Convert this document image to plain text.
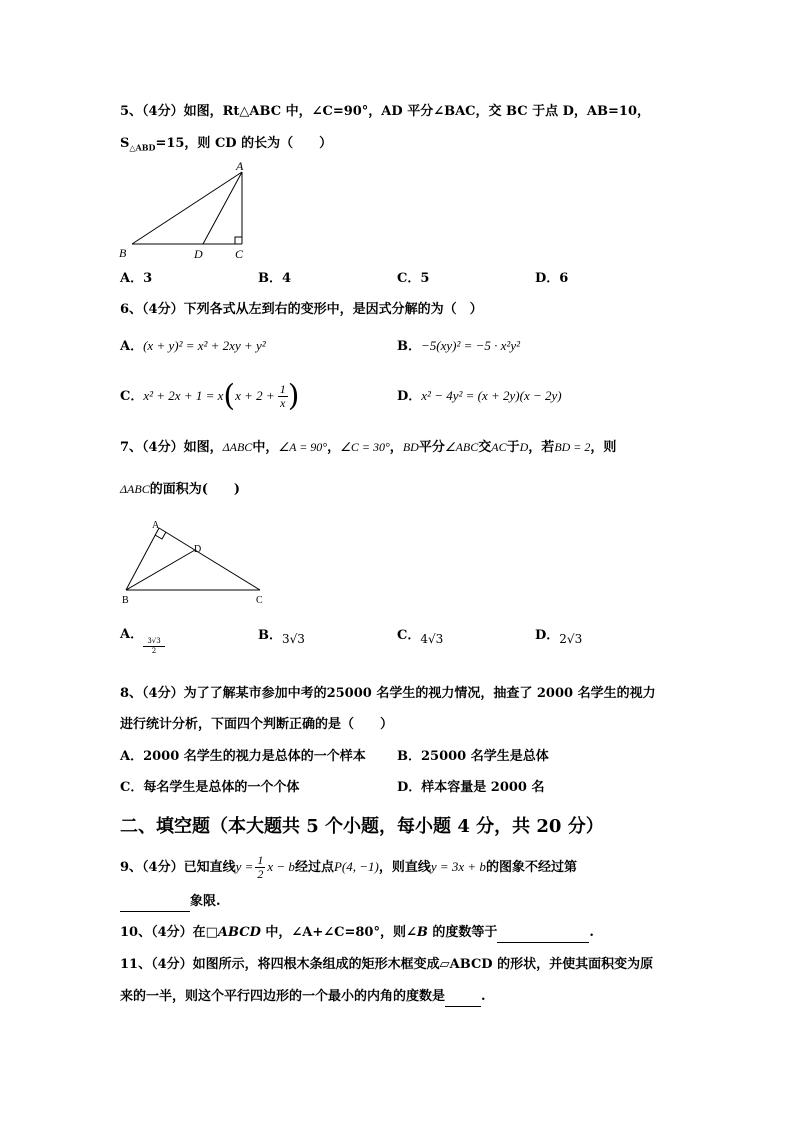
5、（4分）如图，Rt△ABC 中，∠C=90°，AD 平分∠BAC，交 BC 于点 D，AB=10，
$S_{\triangle ABD}=15$，则 CD 的长为（　　）
A
B	D	C
A．3	B．4	C．5	D．6
6、（4分）下列各式从左到右的变形中，是因式分解的为（　）
A．(x + y)² = x² + 2xy + y²	B．−5(xy)² = −5 · x²y²
C．$x^2 + 2x + 1 = x(x + 2 + \frac{1}{x}$ )	D．x² − 4y² = (x + 2y)(x − 2y)
7、（4分）如图，ΔABC中，∠A = 90°，∠C = 30°，BD平分∠ABC交AC于D，若BD = 2，则
ΔABC的面积为(　　)
A
D
B	C
A．
$\frac{3√3}{2}$
B．3√3	C．4√3	D．2√3
8、（4分）为了了解某市参加中考的25000 名学生的视力情况，抽查了 2000 名学生的视力
进行统计分析，下面四个判断正确的是（　　）
A．2000 名学生的视力是总体的一个样本 B．25000 名学生是总体
C．每名学生是总体的一个个体	D．样本容量是 2000 名
二、填空题（本大题共 5 个小题，每小题 4 分，共 20 分）
9、（4分）已知直线$y = \frac{1}{2}$ x − b经过点P(4, −1)，则直线y = 3x + b的图象不经过第
象限.
10、（4分）在□ABCD 中，∠A+∠C=80°，则∠B 的度数等于	.
11、（4分）如图所示，将四根木条组成的矩形木框变成▱ABCD 的形状，并使其面积变为原
来的一半，则这个平行四边形的一个最小的内角的度数是	.
